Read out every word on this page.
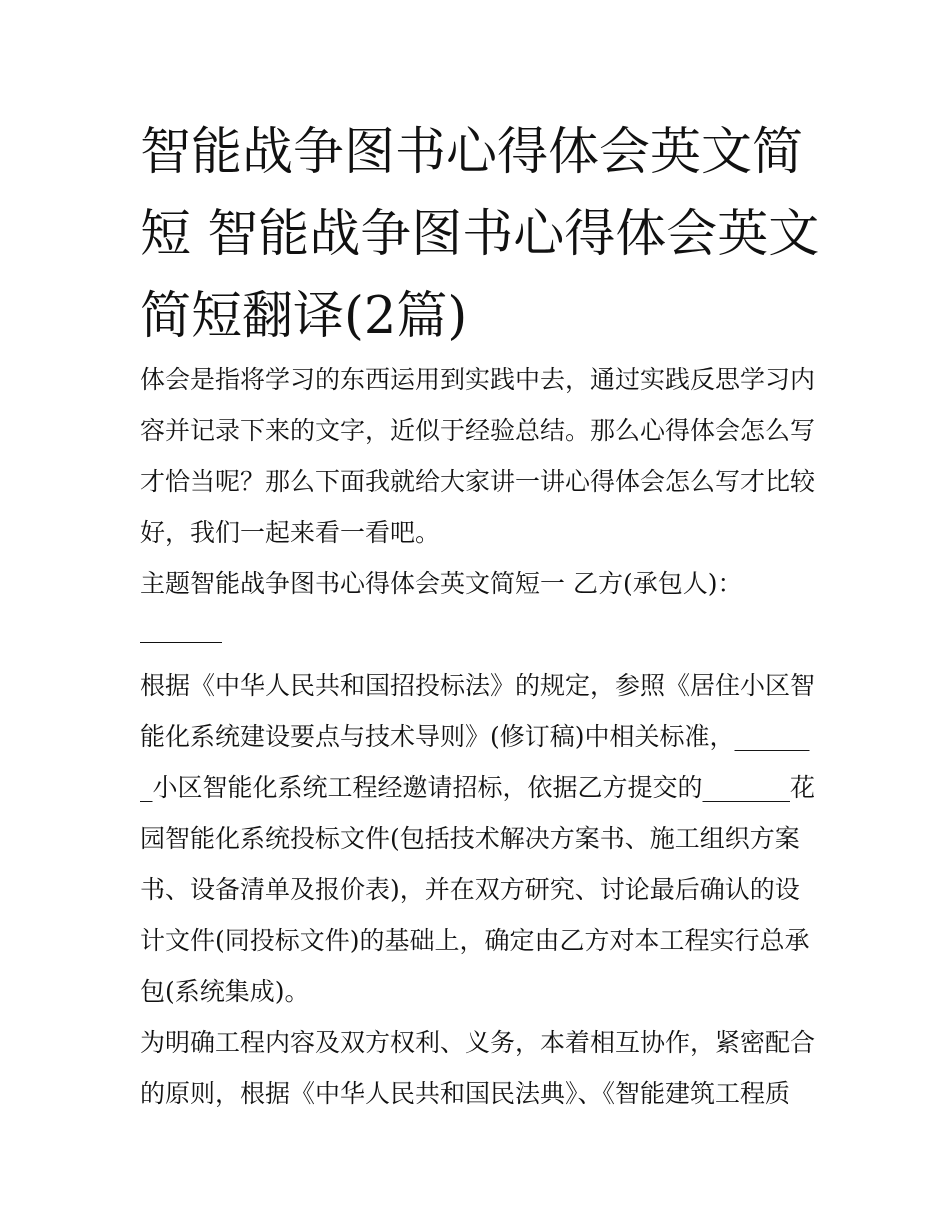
智能战争图书心得体会英文简短 智能战争图书心得体会英文简短翻译(2篇)

体会是指将学习的东西运用到实践中去，通过实践反思学习内容并记录下来的文字，近似于经验总结。那么心得体会怎么写才恰当呢？那么下面我就给大家讲一讲心得体会怎么写才比较好，我们一起来看一看吧。

主题智能战争图书心得体会英文简短一 乙方(承包人)：

根据《中华人民共和国招投标法》的规定，参照《居住小区智能化系统建设要点与技术导则》(修订稿)中相关标准，_______小区智能化系统工程经邀请招标，依据乙方提交的_______花园智能化系统投标文件(包括技术解决方案书、施工组织方案书、设备清单及报价表)，并在双方研究、讨论最后确认的设计文件(同投标文件)的基础上，确定由乙方对本工程实行总承包(系统集成)。

为明确工程内容及双方权利、义务，本着相互协作，紧密配合的原则，根据《中华人民共和国民法典》、《智能建筑工程质
